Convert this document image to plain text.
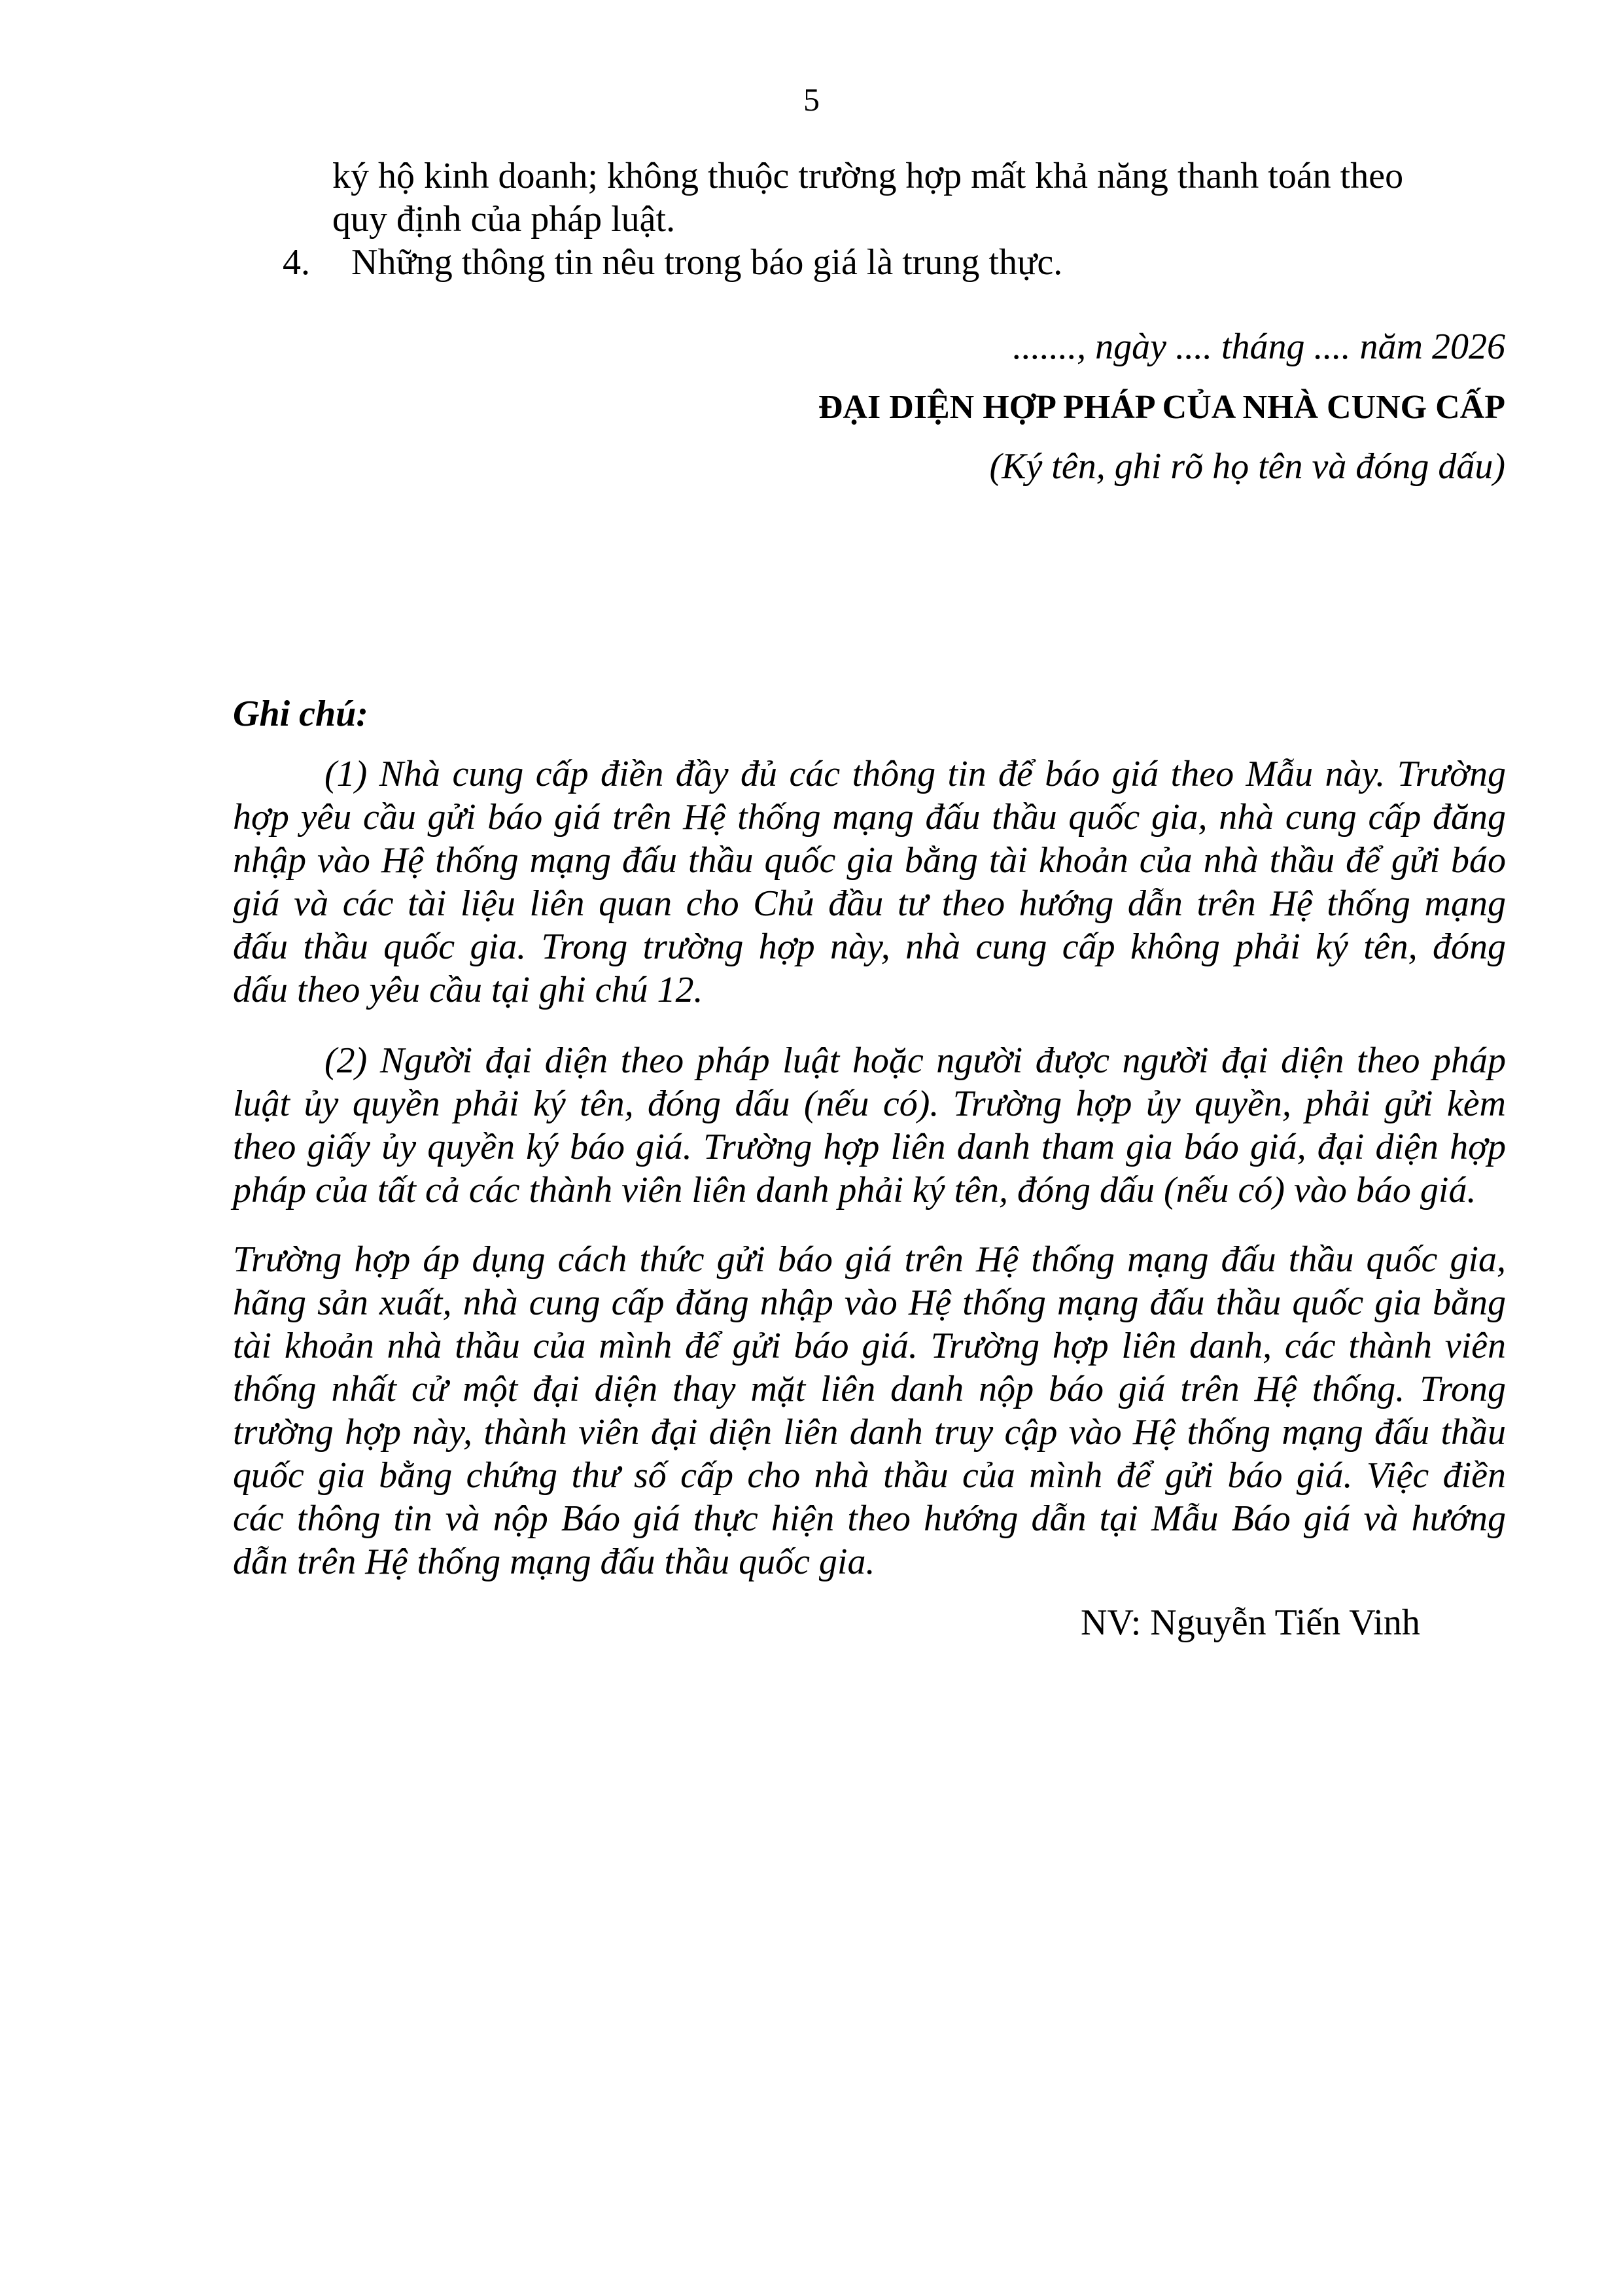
5
ký hộ kinh doanh; không thuộc trường hợp mất khả năng thanh toán theo
quy định của pháp luật.
4. Những thông tin nêu trong báo giá là trung thực.
......., ngày .... tháng .... năm 2026
ĐẠI DIỆN HỢP PHÁP CỦA NHÀ CUNG CẤP
(Ký tên, ghi rõ họ tên và đóng dấu)
Ghi chú:
(1) Nhà cung cấp điền đầy đủ các thông tin để báo giá theo Mẫu này. Trường
hợp yêu cầu gửi báo giá trên Hệ thống mạng đấu thầu quốc gia, nhà cung cấp đăng
nhập vào Hệ thống mạng đấu thầu quốc gia bằng tài khoản của nhà thầu để gửi báo
giá và các tài liệu liên quan cho Chủ đầu tư theo hướng dẫn trên Hệ thống mạng
đấu thầu quốc gia. Trong trường hợp này, nhà cung cấp không phải ký tên, đóng
dấu theo yêu cầu tại ghi chú 12.
(2) Người đại diện theo pháp luật hoặc người được người đại diện theo pháp
luật ủy quyền phải ký tên, đóng dấu (nếu có). Trường hợp ủy quyền, phải gửi kèm
theo giấy ủy quyền ký báo giá. Trường hợp liên danh tham gia báo giá, đại diện hợp
pháp của tất cả các thành viên liên danh phải ký tên, đóng dấu (nếu có) vào báo giá.
Trường hợp áp dụng cách thức gửi báo giá trên Hệ thống mạng đấu thầu quốc gia,
hãng sản xuất, nhà cung cấp đăng nhập vào Hệ thống mạng đấu thầu quốc gia bằng
tài khoản nhà thầu của mình để gửi báo giá. Trường hợp liên danh, các thành viên
thống nhất cử một đại diện thay mặt liên danh nộp báo giá trên Hệ thống. Trong
trường hợp này, thành viên đại diện liên danh truy cập vào Hệ thống mạng đấu thầu
quốc gia bằng chứng thư số cấp cho nhà thầu của mình để gửi báo giá. Việc điền
các thông tin và nộp Báo giá thực hiện theo hướng dẫn tại Mẫu Báo giá và hướng
dẫn trên Hệ thống mạng đấu thầu quốc gia.
NV: Nguyễn Tiến Vinh
